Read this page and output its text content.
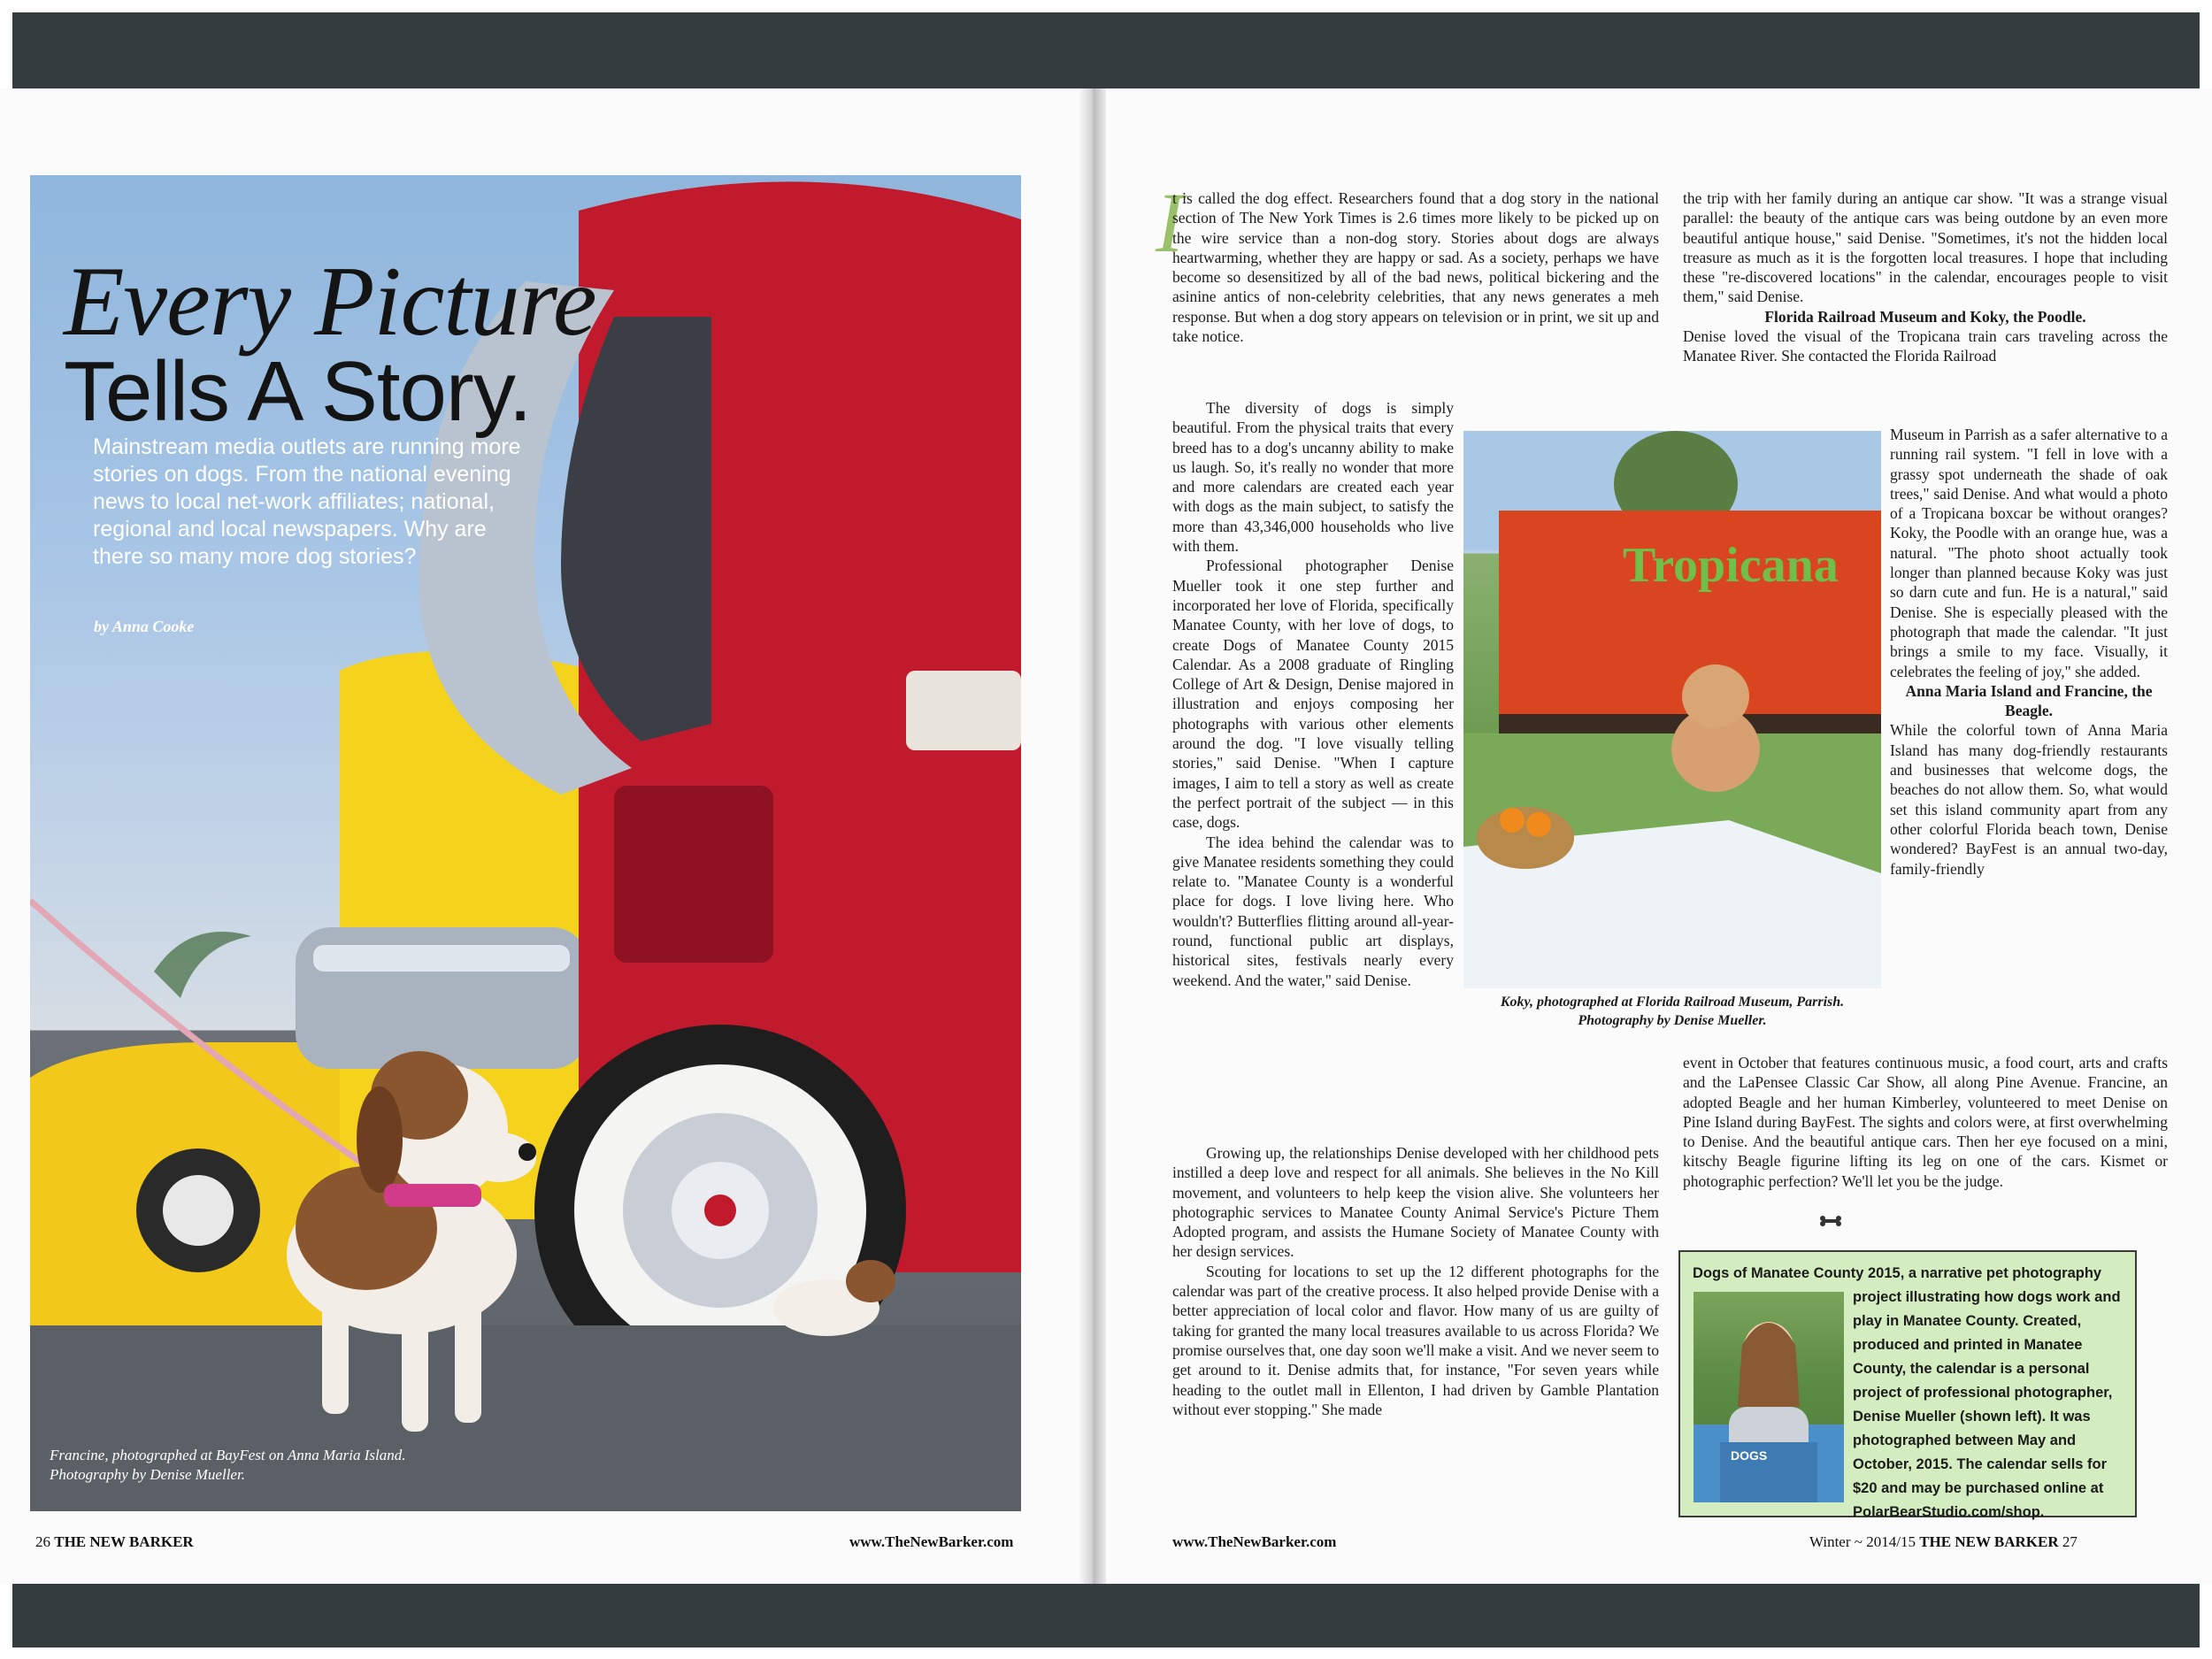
Every Picture
Tells A Story.

Mainstream media outlets are running more stories on dogs. From the national evening news to local net-work affiliates; national, regional and local newspapers. Why are there so many more dog stories?

by Anna Cooke

Francine, photographed at BayFest on Anna Maria Island.
Photography by Denise Mueller.

26 THE NEW BARKER	www.TheNewBarker.com
I

t is called the dog effect. Researchers found that a dog story in the national section of The New York Times is 2.6 times more likely to be picked up on the wire service than a non-dog story. Stories about dogs are always heartwarming, whether they are happy or sad. As a society, perhaps we have become so desensitized by all of the bad news, political bickering and the asinine antics of non-celebrity celebrities, that any news generates a meh response. But when a dog story appears on television or in print, we sit up and take notice.

The diversity of dogs is simply beautiful. From the physical traits that every breed has to a dog's uncanny ability to make us laugh. So, it's really no wonder that more and more calendars are created each year with dogs as the main subject, to satisfy the more than 43,346,000 households who live with them.

Professional photographer Denise Mueller took it one step further and incorporated her love of Florida, specifically Manatee County, with her love of dogs, to create Dogs of Manatee County 2015 Calendar. As a 2008 graduate of Ringling College of Art & Design, Denise majored in illustration and enjoys composing her photographs with various other elements around the dog. "I love visually telling stories," said Denise. "When I capture images, I aim to tell a story as well as create the perfect portrait of the subject — in this case, dogs.

The idea behind the calendar was to give Manatee residents something they could relate to. "Manatee County is a wonderful place for dogs. I love living here. Who wouldn't? Butterflies flitting around all-year-round, functional public art displays, historical sites, festivals nearly every weekend. And the water," said Denise.

Growing up, the relationships Denise developed with her childhood pets instilled a deep love and respect for all animals. She believes in the No Kill movement, and volunteers to help keep the vision alive. She volunteers her photographic services to Manatee County Animal Service's Picture Them Adopted program, and assists the Humane Society of Manatee County with her design services.

Scouting for locations to set up the 12 different photographs for the calendar was part of the creative process. It also helped provide Denise with a better appreciation of local color and flavor. How many of us are guilty of taking for granted the many local treasures available to us across Florida? We promise ourselves that, one day soon we'll make a visit. And we never seem to get around to it. Denise admits that, for instance, "For seven years while heading to the outlet mall in Ellenton, I had driven by Gamble Plantation without ever stopping." She made

Tropicana

Koky, photographed at Florida Railroad Museum, Parrish.
Photography by Denise Mueller.

the trip with her family during an antique car show. "It was a strange visual parallel: the beauty of the antique cars was being outdone by an even more beautiful antique house," said Denise. "Sometimes, it's not the hidden local treasure as much as it is the forgotten local treasures. I hope that including these "re-discovered locations" in the calendar, encourages people to visit them," said Denise.

Florida Railroad Museum and Koky, the Poodle.

Denise loved the visual of the Tropicana train cars traveling across the Manatee River. She contacted the Florida Railroad

Museum in Parrish as a safer alternative to a running rail system. "I fell in love with a grassy spot underneath the shade of oak trees," said Denise. And what would a photo of a Tropicana boxcar be without oranges? Koky, the Poodle with an orange hue, was a natural. "The photo shoot actually took longer than planned because Koky was just so darn cute and fun. He is a natural," said Denise. She is especially pleased with the photograph that made the calendar. "It just brings a smile to my face. Visually, it celebrates the feeling of joy," she added.

Anna Maria Island and Francine, the Beagle.

While the colorful town of Anna Maria Island has many dog-friendly restaurants and businesses that welcome dogs, the beaches do not allow them. So, what would set this island community apart from any other colorful Florida beach town, Denise wondered? BayFest is an annual two-day, family-friendly

event in October that features continuous music, a food court, arts and crafts and the LaPensee Classic Car Show, all along Pine Avenue. Francine, an adopted Beagle and her human Kimberley, volunteered to meet Denise on Pine Island during BayFest. The sights and colors were, at first overwhelming to Denise. And the beautiful antique cars. Then her eye focused on a mini, kitschy Beagle figurine lifting its leg on one of the cars. Kismet or photographic perfection? We'll let you be the judge.

Dogs of Manatee County 2015, a narrative pet photography

project illustrating how dogs work and play in Manatee County. Created, produced and printed in Manatee County, the calendar is a personal project of professional photographer, Denise Mueller (shown left). It was photographed between May and October, 2015. The calendar sells for $20 and may be purchased online at PolarBearStudio.com/shop.

DOGS
www.TheNewBarker.com	Winter ~ 2014/15 THE NEW BARKER 27
